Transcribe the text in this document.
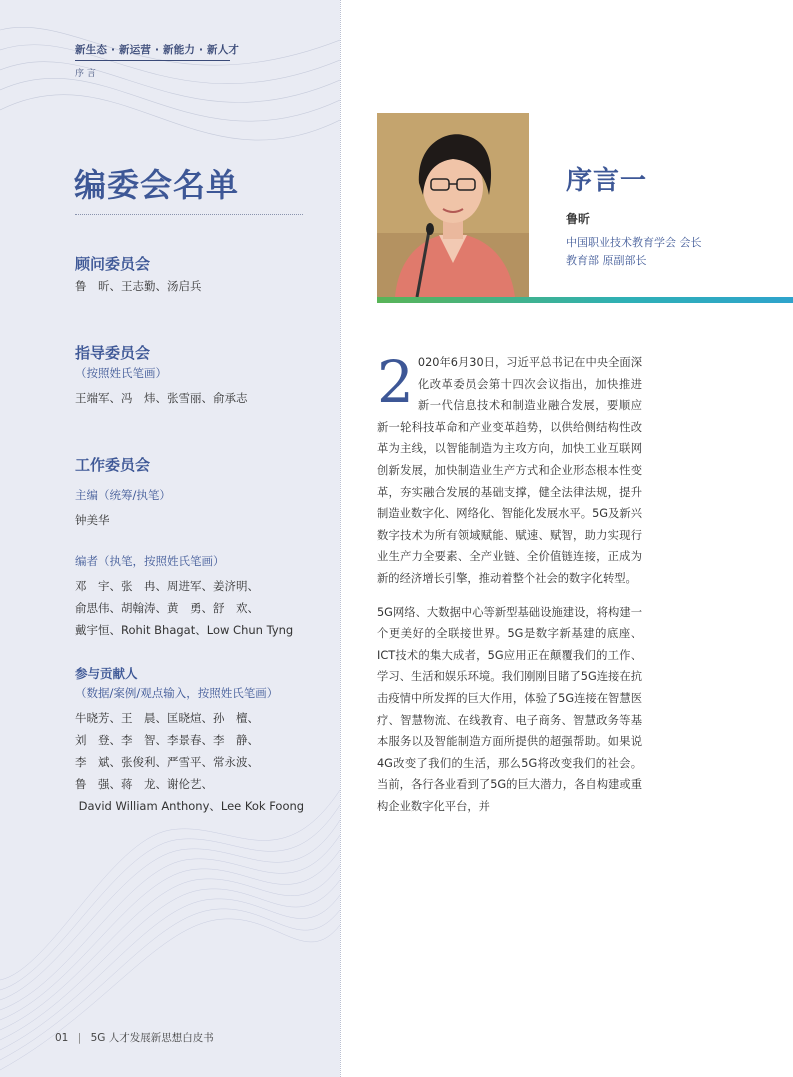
新生态 · 新运营 · 新能力 · 新人才
序 言
编委会名单
顾问委员会
鲁　昕、王志勤、汤启兵
指导委员会
（按照姓氏笔画）
王端军、冯　炜、张雪丽、俞承志
工作委员会
主编（统筹/执笔）
钟美华
编者（执笔，按照姓氏笔画）
邓　宇、张　冉、周进军、姜济明、
俞思伟、胡翰涛、黄　勇、舒　欢、
戴宇恒、Rohit Bhagat、Low Chun Tyng
参与贡献人
（数据/案例/观点输入，按照姓氏笔画）
牛晓芳、王　晨、匡晓煊、孙　檀、
刘　登、李　智、李景春、李　静、
李　斌、张俊利、严雪平、常永波、
鲁　强、蒋　龙、谢伦艺、
David William Anthony、Lee Kok Foong
01 | 5G 人才发展新思想白皮书
序言一
鲁昕
中国职业技术教育学会 会长
教育部 原副部长

2 020年6月30日，习近平总书记在中央全面深化改革委员会第十四次会议指出，加快推进新一代信息技术和制造业融合发展，要顺应新一轮科技革命和产业变革趋势，以供给侧结构性改革为主线，以智能制造为主攻方向，加快工业互联网创新发展，加快制造业生产方式和企业形态根本性变革，夯实融合发展的基础支撑，健全法律法规，提升制造业数字化、网络化、智能化发展水平。5G及新兴数字技术为所有领域赋能、赋速、赋智，助力实现行业生产力全要素、全产业链、全价值链连接，正成为新的经济增长引擎，推动着整个社会的数字化转型。

5G网络、大数据中心等新型基础设施建设，将构建一个更美好的全联接世界。5G是数字新基建的底座、ICT技术的集大成者，5G应用正在颠覆我们的工作、学习、生活和娱乐环境。我们刚刚目睹了5G连接在抗击疫情中所发挥的巨大作用，体验了5G连接在智慧医疗、智慧物流、在线教育、电子商务、智慧政务等基本服务以及智能制造方面所提供的超强帮助。如果说4G改变了我们的生活，那么5G将改变我们的社会。当前，各行各业看到了5G的巨大潜力，各自构建或重构企业数字化平台，并
